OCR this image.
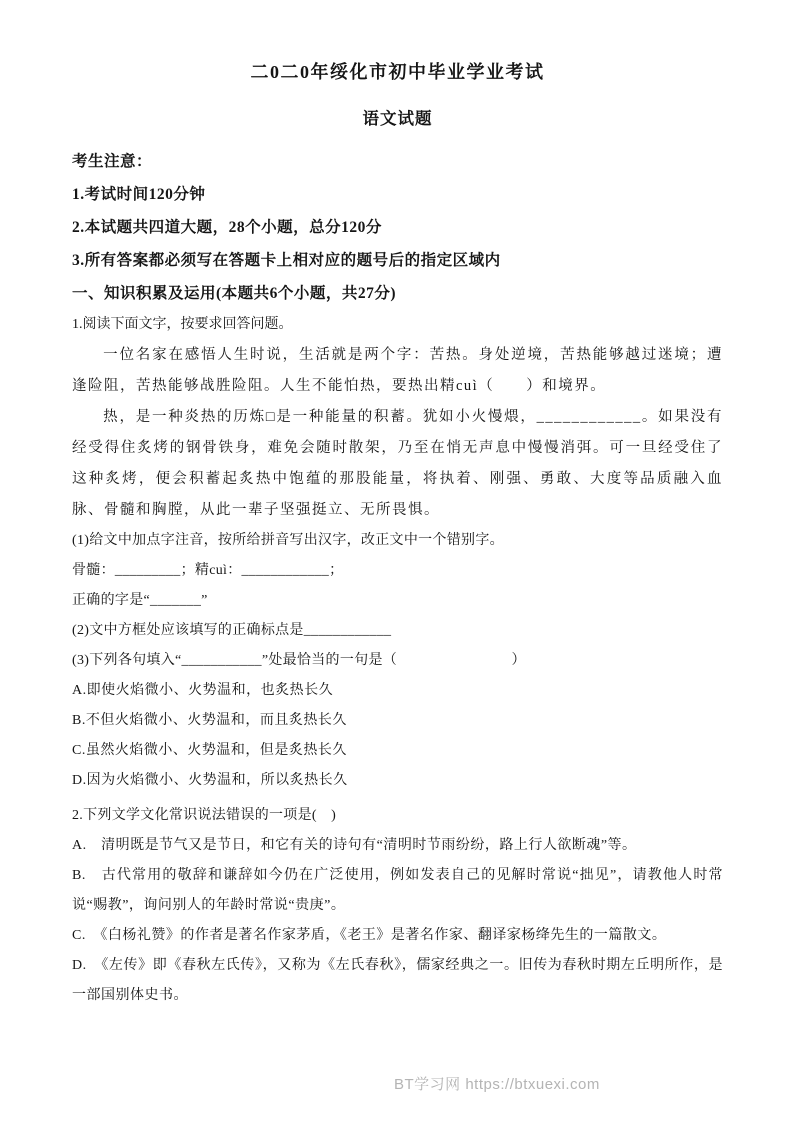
二0二0年绥化市初中毕业学业考试
语文试题

考生注意：

1.考试时间120分钟

2.本试题共四道大题，28个小题，总分120分

3.所有答案都必须写在答题卡上相对应的题号后的指定区域内

一、知识积累及运用(本题共6个小题，共27分)

1.阅读下面文字，按要求回答问题。

一位名家在感悟人生时说，生活就是两个字：苦热。身处逆境，苦热能够越过迷境；遭逢险阻，苦热能够战胜险阻。人生不能怕热，要热出精cuì（　　）和境界。

热，是一种炎热的历炼□是一种能量的积蓄。犹如小火慢煨，____________。如果没有经受得住炙烤的钢骨铁身，难免会随时散架，乃至在悄无声息中慢慢消弭。可一旦经受住了这种炙烤，便会积蓄起炙热中饱蕴的那股能量，将执着、刚强、勇敢、大度等品质融入血脉、骨髓和胸膛，从此一辈子坚强挺立、无所畏惧。

(1)给文中加点字注音，按所给拼音写出汉字，改正文中一个错别字。

骨髓：_________；精cuì：____________；

正确的字是“_______”

(2)文中方框处应该填写的正确标点是____________

(3)下列各句填入“___________”处最恰当的一句是（　　　　　　　　）

A.即使火焰微小、火势温和，也炙热长久

B.不但火焰微小、火势温和，而且炙热长久

C.虽然火焰微小、火势温和，但是炙热长久

D.因为火焰微小、火势温和，所以炙热长久

2.下列文学文化常识说法错误的一项是(　)

A.　清明既是节气又是节日，和它有关的诗句有“清明时节雨纷纷，路上行人欲断魂”等。

B.　古代常用的敬辞和谦辞如今仍在广泛使用，例如发表自己的见解时常说“拙见”，请教他人时常说“赐教”，询问别人的年龄时常说“贵庚”。

C.　《白杨礼赞》的作者是著名作家茅盾，《老王》是著名作家、翻译家杨绛先生的一篇散文。

D.　《左传》即《春秋左氏传》，又称为《左氏春秋》，儒家经典之一。旧传为春秋时期左丘明所作，是一部国别体史书。

BT学习网 https://btxuexi.com
